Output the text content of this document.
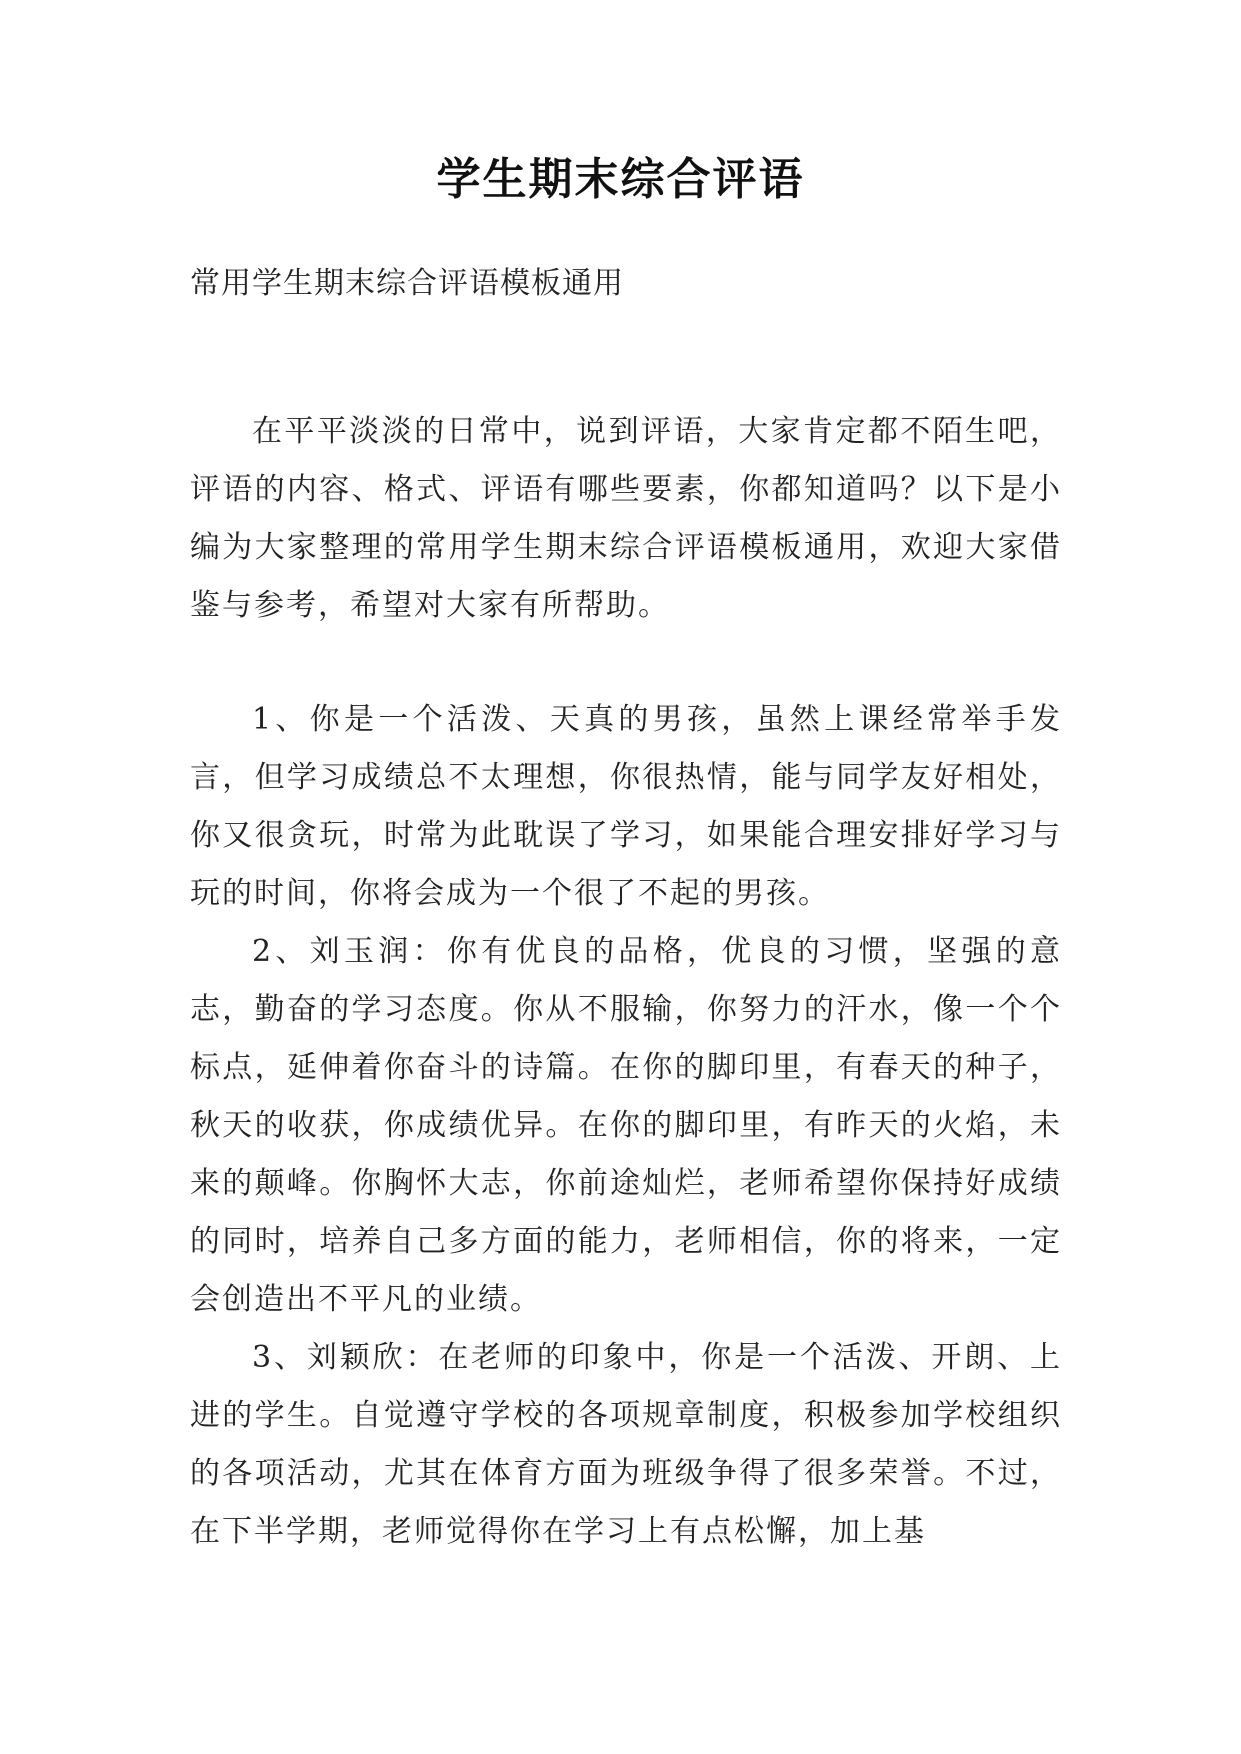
学生期末综合评语
常用学生期末综合评语模板通用

在平平淡淡的日常中，说到评语，大家肯定都不陌生吧，评语的内容、格式、评语有哪些要素，你都知道吗？以下是小编为大家整理的常用学生期末综合评语模板通用，欢迎大家借鉴与参考，希望对大家有所帮助。

1、你是一个活泼、天真的男孩，虽然上课经常举手发言，但学习成绩总不太理想，你很热情，能与同学友好相处，你又很贪玩，时常为此耽误了学习，如果能合理安排好学习与玩的时间，你将会成为一个很了不起的男孩。

2、刘玉润：你有优良的品格，优良的习惯，坚强的意志，勤奋的学习态度。你从不服输，你努力的汗水，像一个个标点，延伸着你奋斗的诗篇。在你的脚印里，有春天的种子，秋天的收获，你成绩优异。在你的脚印里，有昨天的火焰，未来的颠峰。你胸怀大志，你前途灿烂，老师希望你保持好成绩的同时，培养自己多方面的能力，老师相信，你的将来，一定会创造出不平凡的业绩。

3、刘颖欣：在老师的印象中，你是一个活泼、开朗、上进的学生。自觉遵守学校的各项规章制度，积极参加学校组织的各项活动，尤其在体育方面为班级争得了很多荣誉。不过，在下半学期，老师觉得你在学习上有点松懈，加上基
